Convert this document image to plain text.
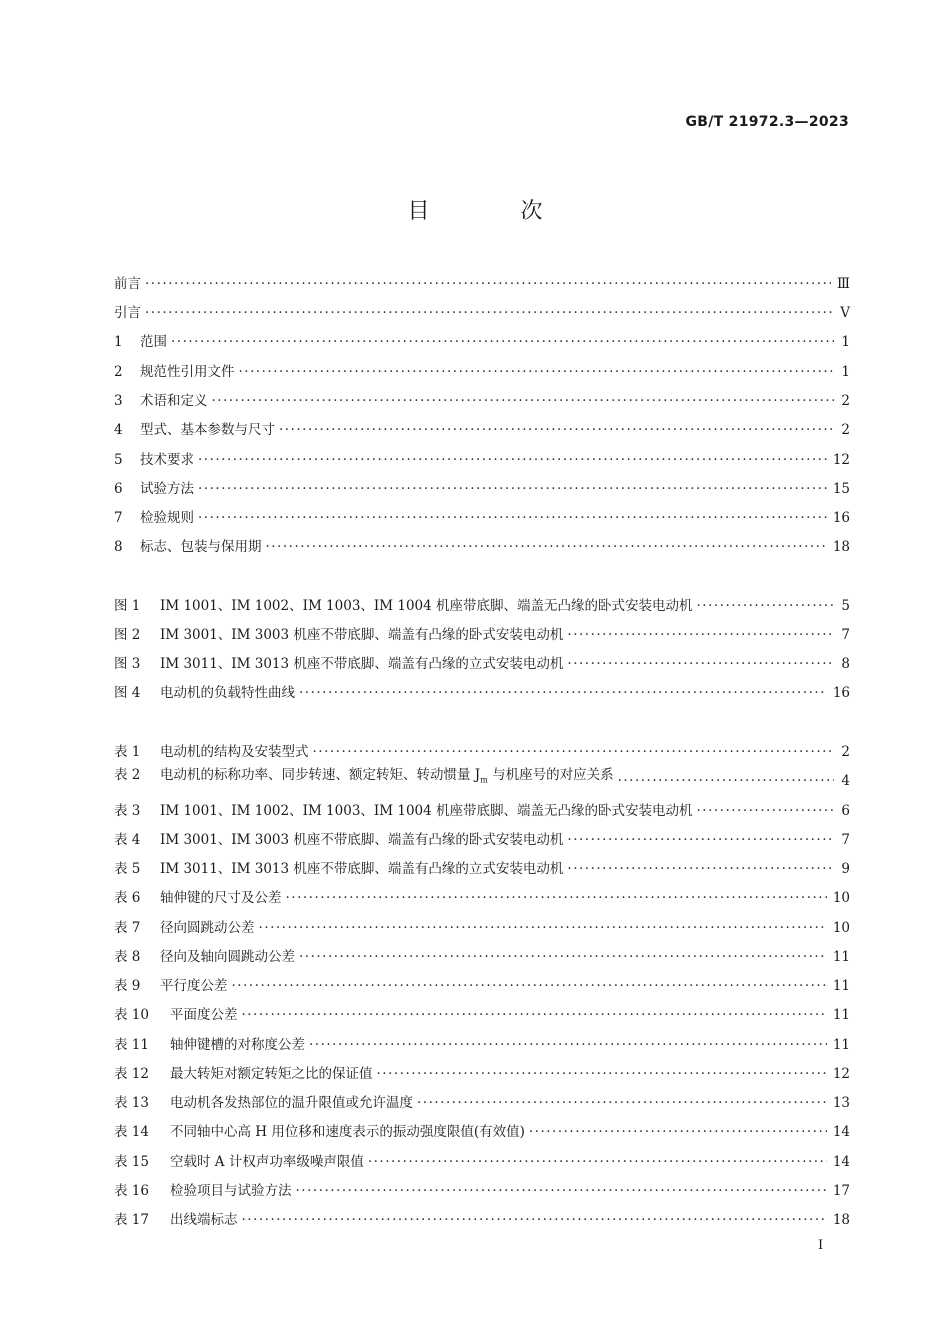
GB/T 21972.3—2023
目 次
前言 ·····	Ⅲ
引言 ·····	Ⅴ
1 范围 ·····	1
2 规范性引用文件 ·····	1
3 术语和定义 ·····	2
4 型式、基本参数与尺寸 ·····	2
5 技术要求 ·····	12
6 试验方法 ·····	15
7 检验规则 ·····	16
8 标志、包装与保用期 ·····	18
图 1 IM 1001、IM 1002、IM 1003、IM 1004 机座带底脚、端盖无凸缘的卧式安装电动机 ·····	5
图 2 IM 3001、IM 3003 机座不带底脚、端盖有凸缘的卧式安装电动机 ·····	7
图 3 IM 3011、IM 3013 机座不带底脚、端盖有凸缘的立式安装电动机 ·····	8
图 4 电动机的负载特性曲线 ·····	16
表 1 电动机的结构及安装型式 ·····	2
表 2 电动机的标称功率、同步转速、额定转矩、转动惯量 $J_m$ 与机座号的对应关系 ·····	4
表 3 IM 1001、IM 1002、IM 1003、IM 1004 机座带底脚、端盖无凸缘的卧式安装电动机 ·····	6
表 4 IM 3001、IM 3003 机座不带底脚、端盖有凸缘的卧式安装电动机 ·····	7
表 5 IM 3011、IM 3013 机座不带底脚、端盖有凸缘的立式安装电动机 ·····	9
表 6 轴伸键的尺寸及公差 ·····	10
表 7 径向圆跳动公差 ·····	10
表 8 径向及轴向圆跳动公差 ·····	11
表 9 平行度公差 ·····	11
表 10 平面度公差 ·····	11
表 11 轴伸键槽的对称度公差 ·····	11
表 12 最大转矩对额定转矩之比的保证值 ·····	12
表 13 电动机各发热部位的温升限值或允许温度 ·····	13
表 14 不同轴中心高 H 用位移和速度表示的振动强度限值(有效值) ·····	14
表 15 空载时 A 计权声功率级噪声限值 ·····	14
表 16 检验项目与试验方法 ·····	17
表 17 出线端标志 ·····	18
Ⅰ
